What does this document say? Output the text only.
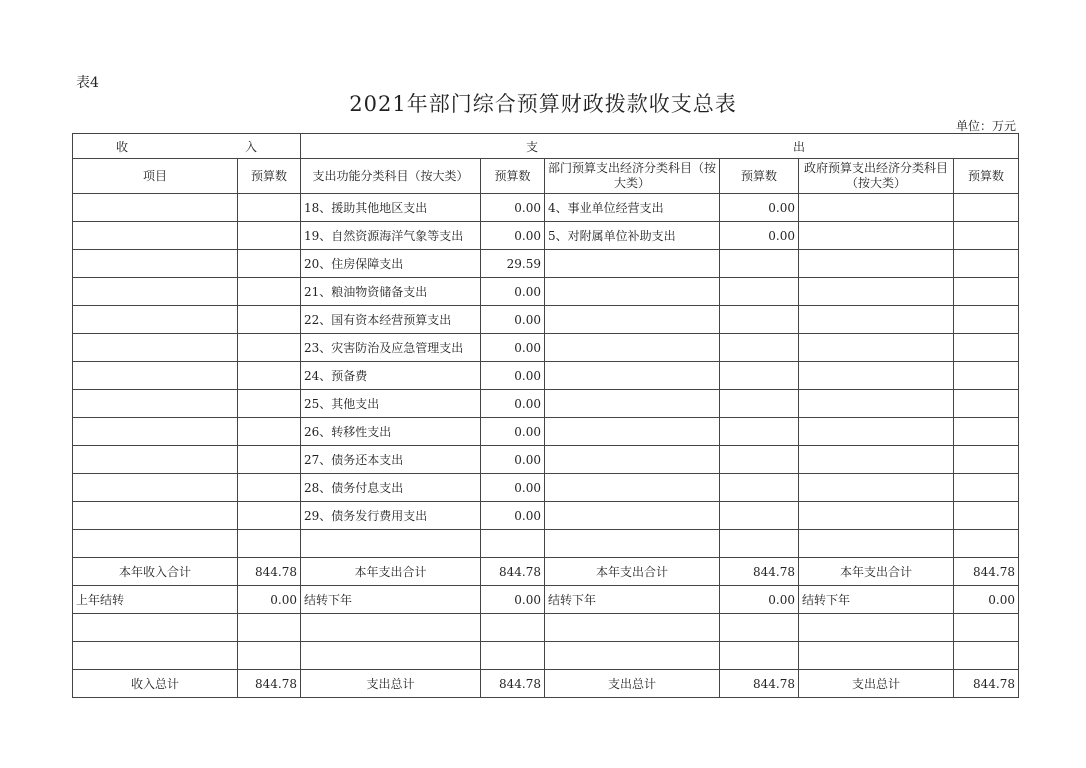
表4
2021年部门综合预算财政拨款收支总表
单位：万元
收 入		支 出					

项目	预算数	支出功能分类科目（按大类）	预算数	部门预算支出经济分类科目（按大类）	预算数	政府预算支出经济分类科目（按大类）	预算数
		18、援助其他地区支出	0.00	4、事业单位经营支出	0.00		
		19、自然资源海洋气象等支出	0.00	5、对附属单位补助支出	0.00		
		20、住房保障支出	29.59				
		21、粮油物资储备支出	0.00				
		22、国有资本经营预算支出	0.00				
		23、灾害防治及应急管理支出	0.00				
		24、预备费	0.00				
		25、其他支出	0.00				
		26、转移性支出	0.00				
		27、债务还本支出	0.00				
		28、债务付息支出	0.00				
		29、债务发行费用支出	0.00				

本年收入合计	844.78	本年支出合计	844.78	本年支出合计	844.78	本年支出合计	844.78
上年结转	0.00	结转下年	0.00	结转下年	0.00	结转下年	0.00

收入总计	844.78	支出总计	844.78	支出总计	844.78	支出总计	844.78
